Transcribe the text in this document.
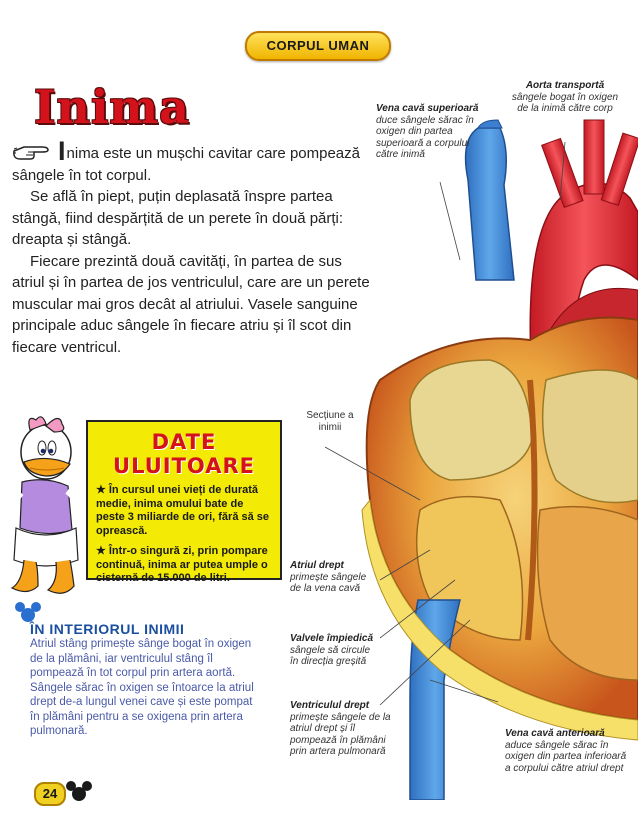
CORPUL UMAN
Inima

Inima este un mușchi cavitar care pompează sângele în tot corpul.

Se află în piept, puțin deplasată înspre partea stângă, fiind despărțită de un perete în două părți: dreapta și stângă.

Fiecare prezintă două cavități, în partea de sus atriul și în partea de jos ventriculul, care are un perete muscular mai gros decât al atriului. Vasele sanguine principale aduc sângele în fiecare atriu și îl scot din fiecare ventricul.

DATE ULUITOARE

★ În cursul unei vieți de durată medie, inima omului bate de peste 3 miliarde de ori, fără să se oprească.

★ Într-o singură zi, prin pompare continuă, inima ar putea umple o cisternă de 15.000 de litri.

ÎN INTERIORUL INIMII
Atriul stâng primește sânge bogat în oxigen de la plămâni, iar ventriculul stâng îl pompează în tot corpul prin artera aortă. Sângele sărac în oxigen se întoarce la atriul drept de-a lungul venei cave și este pompat în plămâni pentru a se oxigena prin artera pulmonară.
Vena cavă superioară
duce sângele sărac în oxigen din partea superioară a corpului către inimă
Aorta transportă
sângele bogat în oxigen de la inimă către corp
Secțiune a inimii
Atriul drept
primește sângele de la vena cavă
Valvele împiedică
sângele să circule în direcția greșită
Ventriculul drept
primește sângele de la atriul drept și îl pompează în plămâni prin artera pulmonară
Vena cavă anterioară
aduce sângele sărac în oxigen din partea inferioară a corpului către atriul drept
24
